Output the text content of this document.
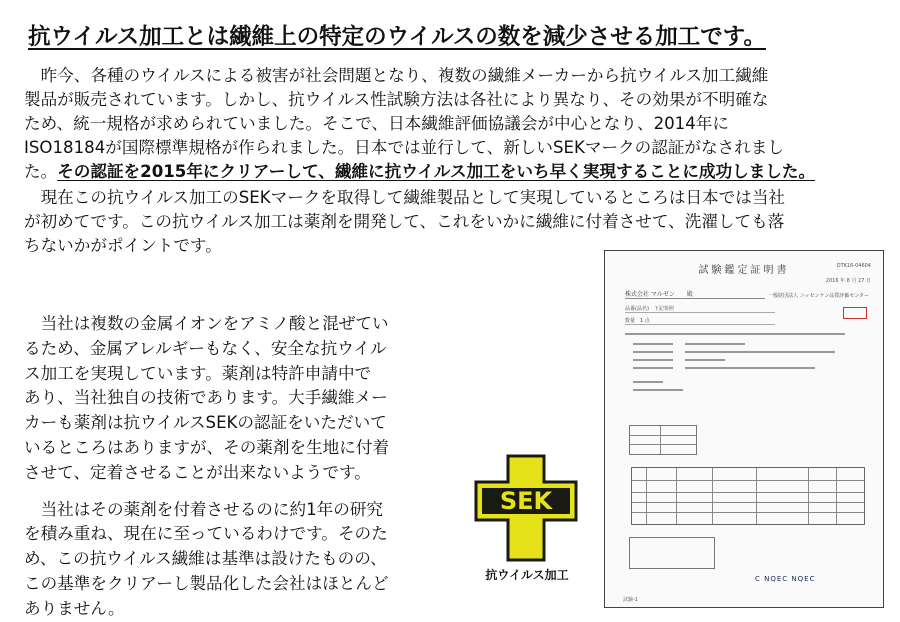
抗ウイルス加工とは繊維上の特定のウイルスの数を減少させる加工です。
　昨今、各種のウイルスによる被害が社会問題となり、複数の繊維メーカーから抗ウイルス加工繊維
製品が販売されています。しかし、抗ウイルス性試験方法は各社により異なり、その効果が不明確な
ため、統一規格が求められていました。そこで、日本繊維評価協議会が中心となり、2014年に
ISO18184が国際標準規格が作られました。日本では並行して、新しいSEKマークの認証がなされまし
た。その認証を2015年にクリアーして、繊維に抗ウイルス加工をいち早く実現することに成功しました。
　現在この抗ウイルス加工のSEKマークを取得して繊維製品として実現しているところは日本では当社
が初めてです。この抗ウイルス加工は薬剤を開発して、これをいかに繊維に付着させて、洗濯しても落
ちないかがポイントです。
　当社は複数の金属イオンをアミノ酸と混ぜてい
るため、金属アレルギーもなく、安全な抗ウイル
ス加工を実現しています。薬剤は特許申請中で
あり、当社独自の技術であります。大手繊維メー
カーも薬剤は抗ウイルスSEKの認証をいただいて
いるところはありますが、その薬剤を生地に付着
させて、定着させることが出来ないようです。
　当社はその薬剤を付着させるのに約1年の研究
を積み重ね、現在に至っているわけです。そのた
め、この抗ウイルス繊維は基準は設けたものの、
この基準をクリアーし製品化した会社はほとんど
ありません。
SEK
抗ウイルス加工
試験鑑定証明書	DTK16-04604
2016 年 8 月 27 日
株式会社 マルゼン　　殿	一般財団法人 ニッセンケン品質評価センター
品番(品名)　下記参照
数量　1 点
C NQEC NQEC
試験-1
